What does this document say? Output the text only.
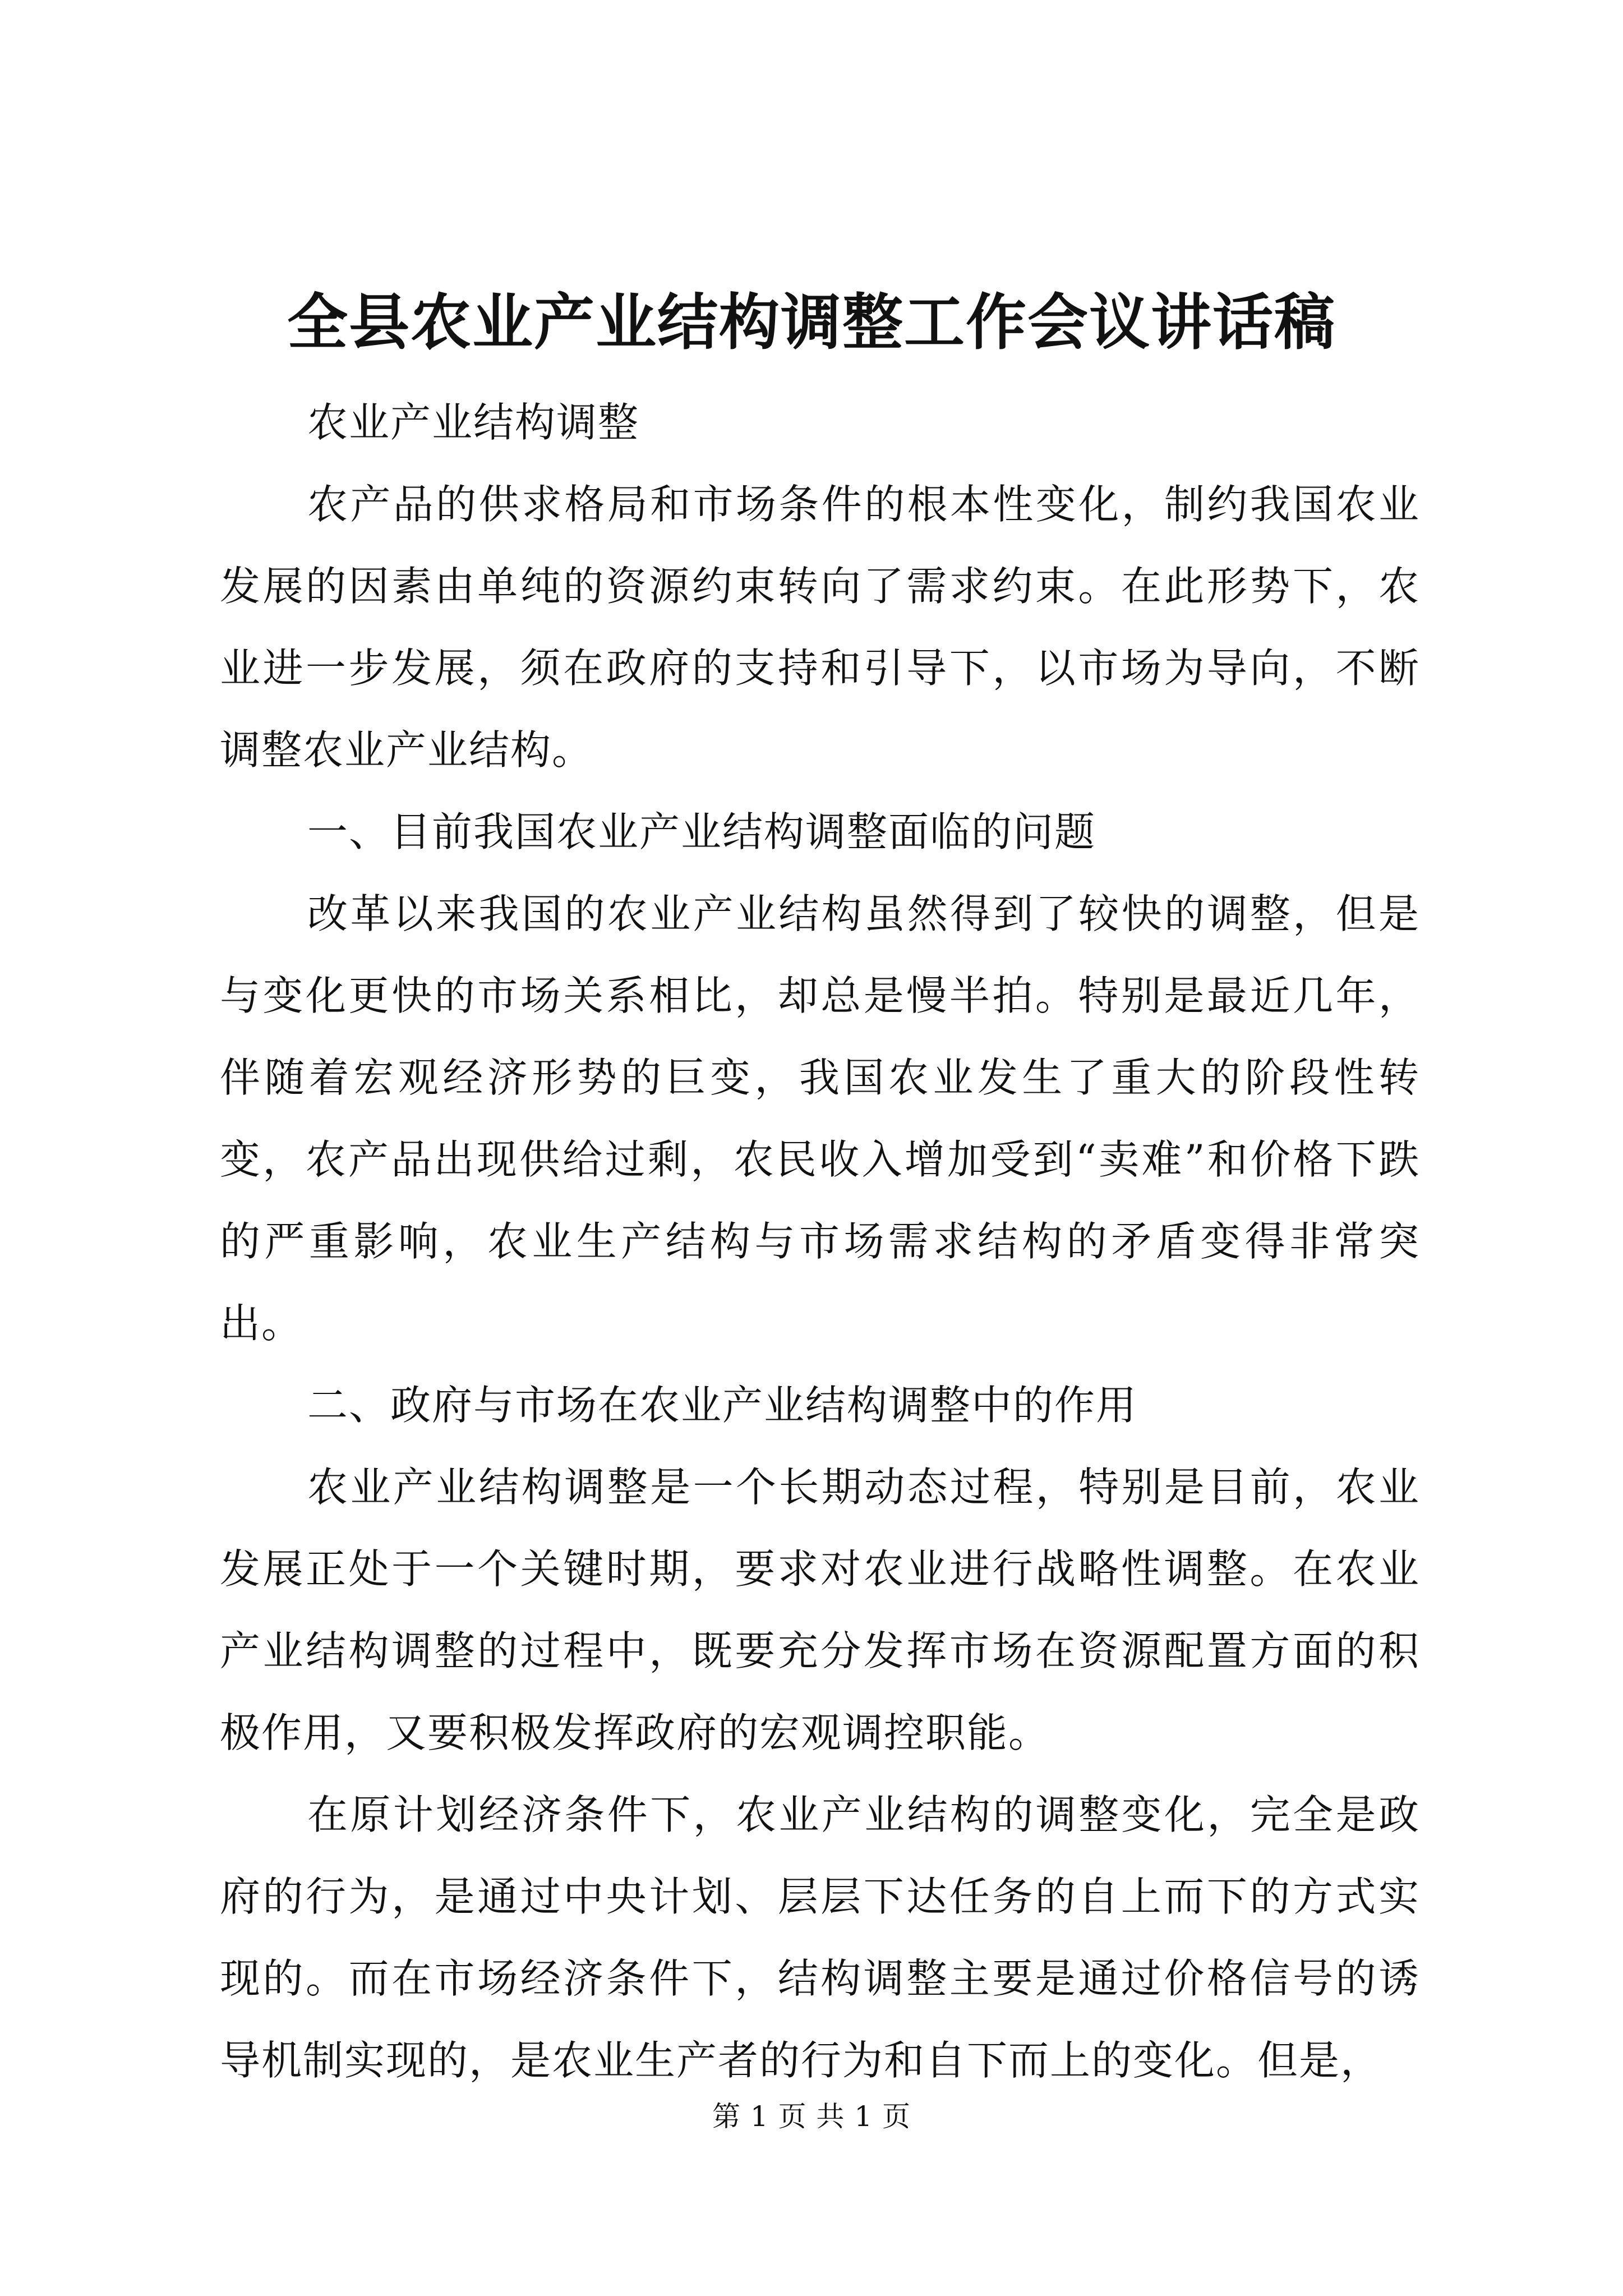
全县农业产业结构调整工作会议讲话稿

农业产业结构调整

农产品的供求格局和市场条件的根本性变化，制约我国农业发展的因素由单纯的资源约束转向了需求约束。在此形势下，农业进一步发展，须在政府的支持和引导下，以市场为导向，不断调整农业产业结构。

一、目前我国农业产业结构调整面临的问题

改革以来我国的农业产业结构虽然得到了较快的调整，但是与变化更快的市场关系相比，却总是慢半拍。特别是最近几年，伴随着宏观经济形势的巨变，我国农业发生了重大的阶段性转变，农产品出现供给过剩，农民收入增加受到“卖难”和价格下跌的严重影响，农业生产结构与市场需求结构的矛盾变得非常突出。

二、政府与市场在农业产业结构调整中的作用

农业产业结构调整是一个长期动态过程，特别是目前，农业发展正处于一个关键时期，要求对农业进行战略性调整。在农业产业结构调整的过程中，既要充分发挥市场在资源配置方面的积极作用，又要积极发挥政府的宏观调控职能。

在原计划经济条件下，农业产业结构的调整变化，完全是政府的行为，是通过中央计划、层层下达任务的自上而下的方式实现的。而在市场经济条件下，结构调整主要是通过价格信号的诱导机制实现的，是农业生产者的行为和自下而上的变化。但是，

第 1 页 共 1 页
